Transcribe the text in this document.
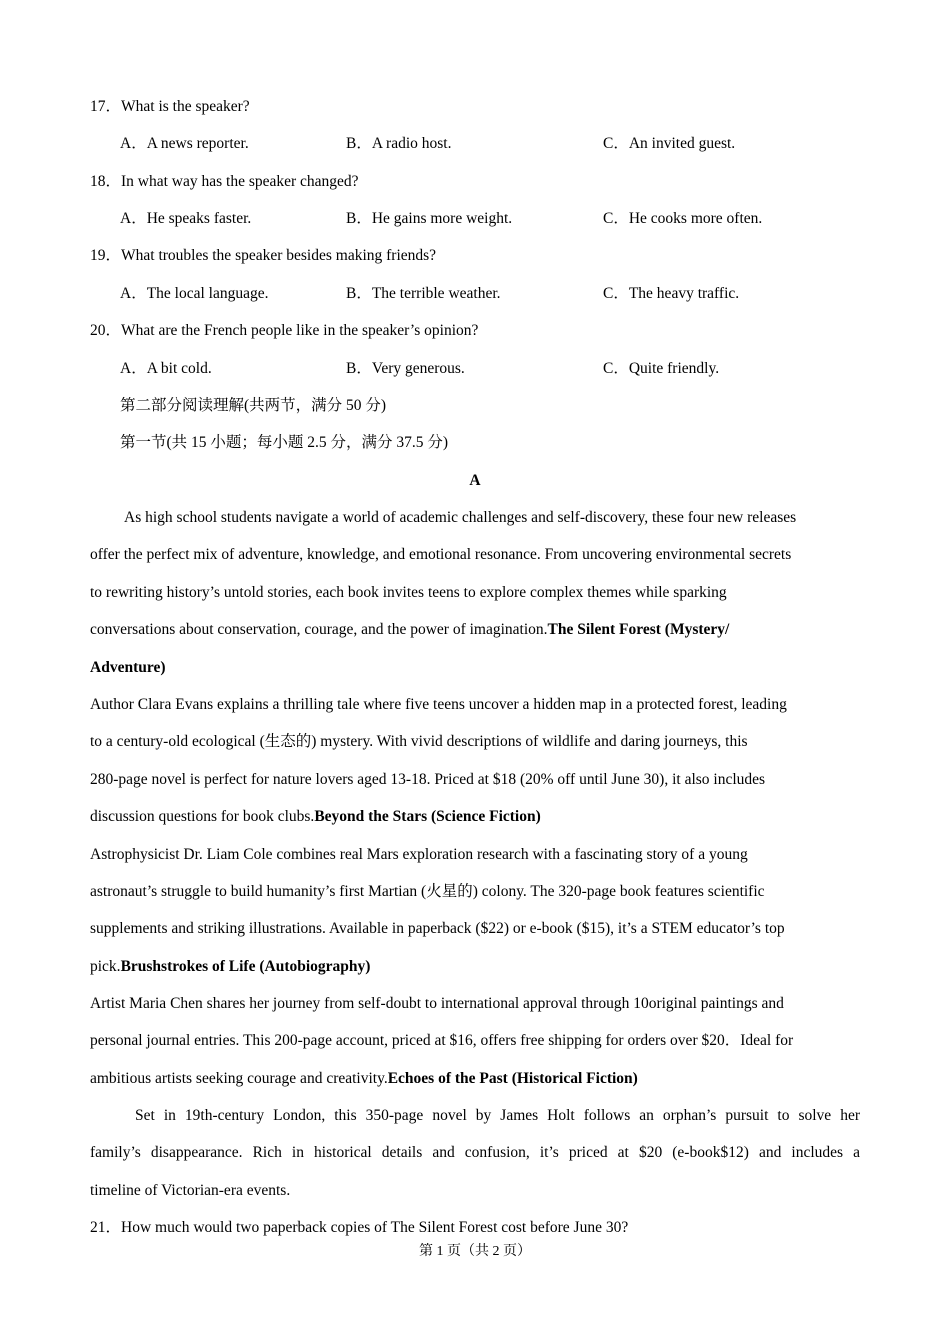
17．What is the speaker?
A．A news reporter.	B．A radio host.	C．An invited guest.
18．In what way has the speaker changed?
A．He speaks faster.	B．He gains more weight.	C．He cooks more often.
19．What troubles the speaker besides making friends?
A．The local language.	B．The terrible weather.	C．The heavy traffic.
20．What are the French people like in the speaker’s opinion?
A．A bit cold.	B．Very generous.	C．Quite friendly.
第二部分阅读理解(共两节，满分 50 分)
第一节(共 15 小题；每小题 2.5 分，满分 37.5 分)
A
As high school students navigate a world of academic challenges and self-discovery, these four new releases
offer the perfect mix of adventure, knowledge, and emotional resonance. From uncovering environmental secrets
to rewriting history’s untold stories, each book invites teens to explore complex themes while sparking
conversations about conservation, courage, and the power of imagination.The Silent Forest (Mystery/
Adventure)
Author Clara Evans explains a thrilling tale where five teens uncover a hidden map in a protected forest, leading
to a century-old ecological (生态的) mystery. With vivid descriptions of wildlife and daring journeys, this
280-page novel is perfect for nature lovers aged 13-18. Priced at $18 (20% off until June 30), it also includes
discussion questions for book clubs.Beyond the Stars (Science Fiction)
Astrophysicist Dr. Liam Cole combines real Mars exploration research with a fascinating story of a young
astronaut’s struggle to build humanity’s first Martian (火星的) colony. The 320-page book features scientific
supplements and striking illustrations. Available in paperback ($22) or e-book ($15), it’s a STEM educator’s top
pick.Brushstrokes of Life (Autobiography)
Artist Maria Chen shares her journey from self-doubt to international approval through 10original paintings and
personal journal entries. This 200-page account, priced at $16, offers free shipping for orders over $20．Ideal for
ambitious artists seeking courage and creativity.Echoes of the Past (Historical Fiction)
Set in 19th-century London, this 350-page novel by James Holt follows an orphan’s pursuit to solve her
family’s disappearance. Rich in historical details and confusion, it’s priced at $20 (e-book$12) and includes a
timeline of Victorian-era events.
21．How much would two paperback copies of The Silent Forest cost before June 30?
第 1 页（共 2 页）
